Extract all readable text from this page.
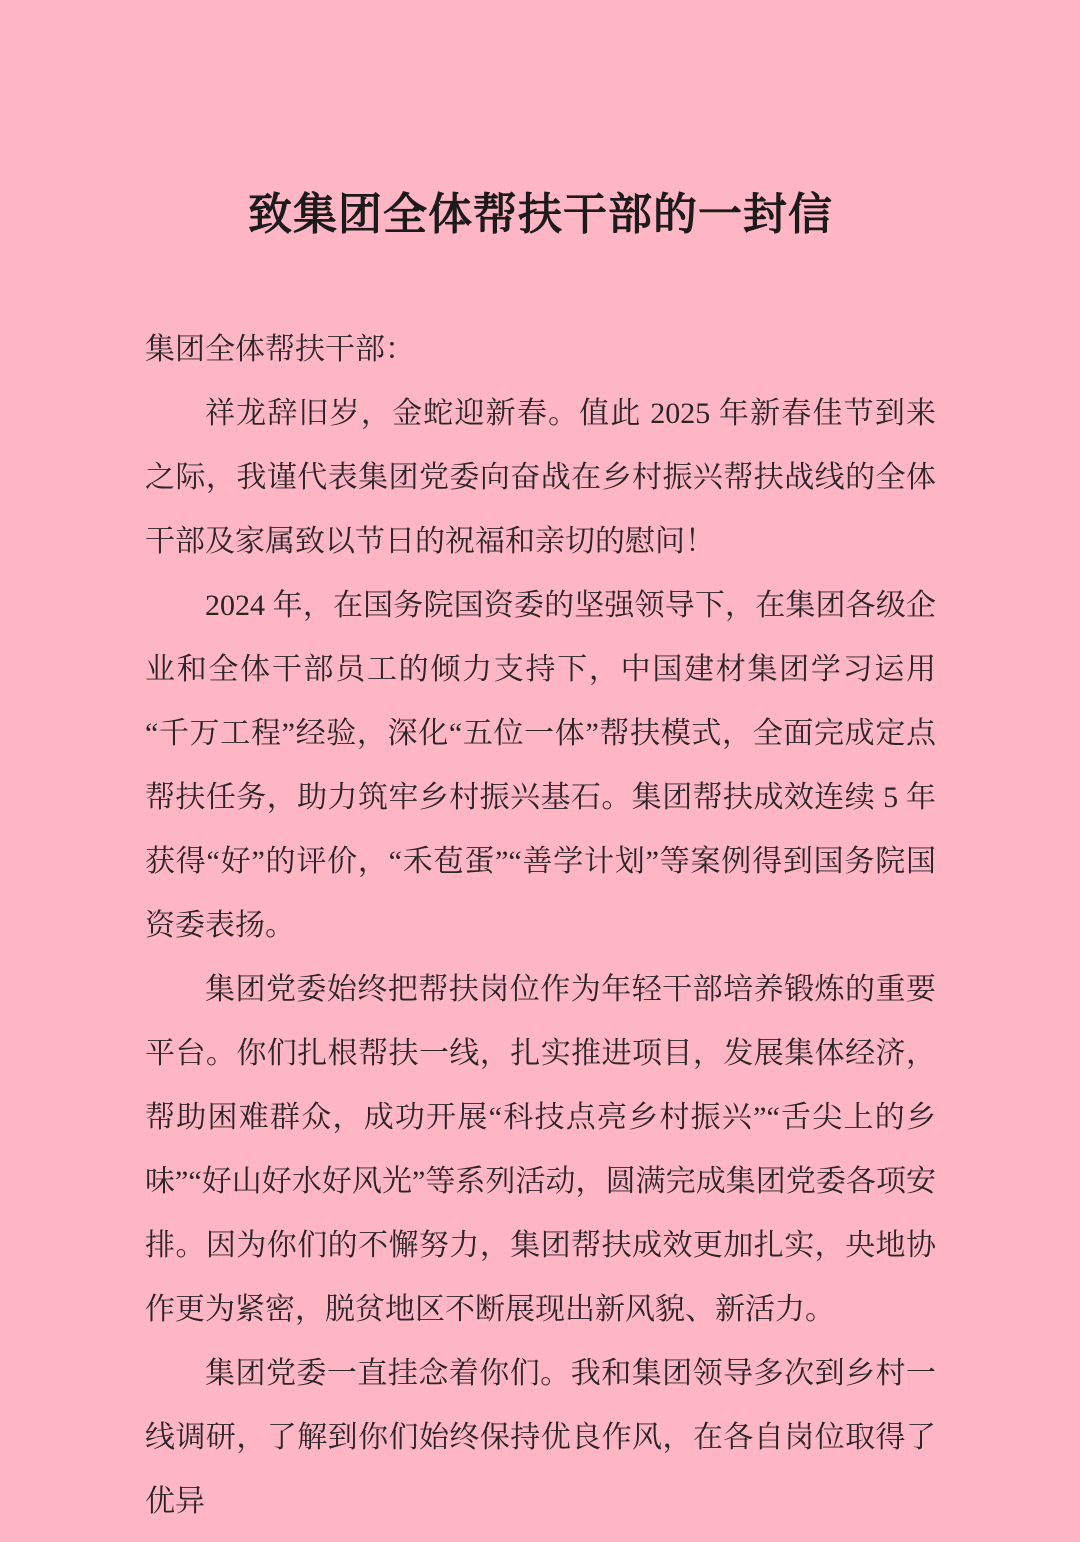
致集团全体帮扶干部的一封信

集团全体帮扶干部：

祥龙辞旧岁，金蛇迎新春。值此 2025 年新春佳节到来之际，我谨代表集团党委向奋战在乡村振兴帮扶战线的全体干部及家属致以节日的祝福和亲切的慰问！

2024 年，在国务院国资委的坚强领导下，在集团各级企业和全体干部员工的倾力支持下，中国建材集团学习运用“千万工程”经验，深化“五位一体”帮扶模式，全面完成定点帮扶任务，助力筑牢乡村振兴基石。集团帮扶成效连续 5 年获得“好”的评价，“禾苞蛋”“善学计划”等案例得到国务院国资委表扬。

集团党委始终把帮扶岗位作为年轻干部培养锻炼的重要平台。你们扎根帮扶一线，扎实推进项目，发展集体经济，帮助困难群众，成功开展“科技点亮乡村振兴”“舌尖上的乡味”“好山好水好风光”等系列活动，圆满完成集团党委各项安排。因为你们的不懈努力，集团帮扶成效更加扎实，央地协作更为紧密，脱贫地区不断展现出新风貌、新活力。

集团党委一直挂念着你们。我和集团领导多次到乡村一线调研，了解到你们始终保持优良作风，在各自岗位取得了优异
